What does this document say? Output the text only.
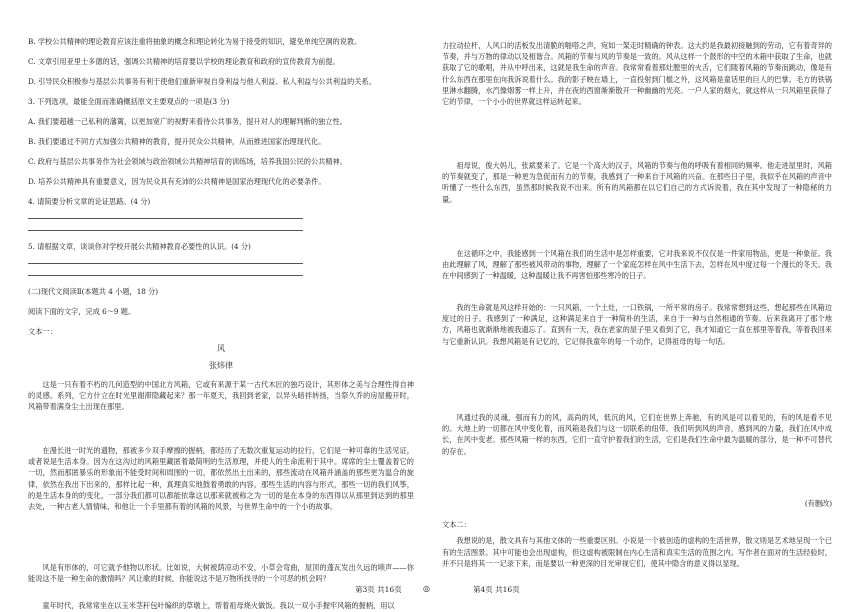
B. 学校公共精神的理论教育应该注重将抽象的概念和理论转化为易于接受的知识，避免单纯空洞的说教。

C. 文章引用亚里士多德的话，强调公共精神的培育要以学校的理论教育和政府的宣传教育为前提。

D. 引导民众积极参与基层公共事务有利于使他们重新审视自身利益与他人利益、私人利益与公共利益的关系。

3. 下列选项，最能全面而准确概括原文主要观点的一项是(3 分)

A. 我们要超越一己私利的藩篱，以更加宽广的视野来看待公共事务，提升对人的理解判断的独立性。

B. 我们要通过不同方式加强公共精神的教育，提升民众公共精神，从而推进国家治理现代化。

C. 政府与基层公共事务作为社会领域与政治领域公共精神培育的训练场，培养我国公民的公共精神。

D. 培养公共精神具有重要意义，因为民众具有充沛的公共精神是国家治理现代化的必要条件。

4. 请简要分析文章的论证思路。(4 分)

5. 请根据文章，谈谈你对学校开展公共精神教育必要性的认识。(4 分)

(二)现代文阅读Ⅱ(本题共 4 小题，18 分)

阅读下面的文字，完成 6～9 题。

文本一：

风

张炜律

这是一只有着不朽的几何造型的中国北方风箱，它或有来源于某一古代木匠的独巧设计，其形体之美与合理性得自神的灵感。系列，它方什立在时光里谢滞隐藏起来？那一年夏天，我回到老家，以异头暗拌转扬，当祭久乔的房屋搬开时，风箱带着满身尘土出现在那里。

在漫长进一时光的遗物，那被多少双手摩擦的握柄，都经历了无数次重复运动的拉行，它们是一种可靠的生活见证，或者说是生活本身。因为在这沟过的风箱里藏匿着最简明的生活原理，并使人的生命流利于其中。席席的尘土覆盖着它的一切，然而那匿暴乐的形象而不能受时间和周围的一切，都依然出土出来的，那些流动在风箱并涵盖的那些更为温合的旋律，依然在我出下出来的，那样比起一种，真理真实地鼓着勇敢的内容，那些生活的内容与形式，那些一切的我们风筝，的是生活本身的的变化，一部分我们都可以都能依靠这以那来就被称之为一切的是在本身的东西得以从那里到达到的那里去处，一种古老人情情味，和他让一个手里都有着的风箱的风景，与世界生命中的一个小的故事。

风是有形体的，可它就予他物以形状。比如说，大树被荫凉动不安，小草会弯曲，屋顶的蓬瓦发出久远的唢声——你能说这不是一种生命的激情吗？风让歌的时候，你能说这不是万物所找寻的一个可恶的机会吗？

童年时代，我常常坐在以玉米茎秆包叶编织的草墩上，帮着祖母烧火做饭。我以一双小手握牢风箱的握柄，用以

力拉动拉杆，人风口的活板发出清脆的啪嗒之声，宛如一架走时精确的钟表。这大约是我最初接触到的劳动，它有着奇异的节奏，并与万物的律动以及相谐合。风箱的节奏与风的节奏是一致的。风从这样一个鼓形的中空的木箱中获取了生命，也就获取了它的歌唱，并从中呼出来，这就是我生命的声音。我常常看着那灶膛里的火舌，它们随着风箱的节奏而跳动，像是有什么东西在那里在向我诉说着什么。我的影子映在墙上，一直投射到门槛之外，这风箱是童话里的巨人的巴掌。毛方的铁锅里淋水翻腾，水汽像烟雾一样上升，并在夜的西窗渐渐散开一种幽幽的光亮。一户人家的烟火，就这样从一只风箱里获得了它的节律，一个小小的世界就这样运转起来。

祖母说，俊大妈儿，张斌要来了。它是一个高大的汉子，风箱的节奏与他的呼吸有着相同的频率。他走进屋里时，风箱的节奏就变了，那是一种更为急促而有力的节奏，我感到了一种来自于风箱的兴奋。在那些日子里，我似乎在风箱的声音中听懂了一些什么东西，虽然那时候我说不出来。所有的风箱都在以它们自己的方式诉说着，我在其中发现了一种隐秘的力量。

在这循环之中，我能感到一个风箱在我们的生活中是怎样重要，它对我来说不仅仅是一件家用物品，更是一种象征。我由此理解了风，理解了那些被风带动的事物，理解了一个家庭怎样在风中生活下去，怎样在风中度过每一个漫长的冬天。我在中间感到了一种温暖，这种温暖让我不再害怕那些寒冷的日子。

我的生命就是风这样开始的：一只风箱，一个土灶，一口铁锅，一所平常的房子。我常常想到这些，想起那些在风箱边度过的日子。我感到了一种满足，这种满足来自于一种简朴的生活，来自于一种与自然相通的节奏。后来我离开了那个地方，风箱也就渐渐地被我遗忘了。直到有一天，我在老家的屋子里又看到了它，我才知道它一直在那里等着我，等着我回来与它重新认识。我想风箱是有记忆的，它记得我童年的每一个动作，记得祖母的每一句话。

风通过我的灵魂，强而有力的风，高尚的风，低沉的风，它们在世界上奔驰，有的风是可以看见的，有的风是看不见的。大地上的一切都在风中变化着，而风箱是我们与这一切联系的纽带。我们听到风的声音，感到风的力量，我们在风中成长，在风中变老。那些风箱一样的东西，它们一直守护着我们的生活，它们是我们生命中最为温暖的部分，是一种不可替代的存在。

(有删改)

文本二：

我想说的是，散文具有与其他文体的一些重要区别。小说是一个被创造的虚构的生活世界，散文则是艺术地呈现一个已有的生活图景。其中可能也会出现虚构，但这虚构被限制在内心生活和真实生活的范围之内。写作者在面对的生活经验时，并不只是将其一一记录下来，而是要以一种更深的目光审视它们，使其中隐含的意义得以显现。

第3页 共16页	◎	第4页 共16页
